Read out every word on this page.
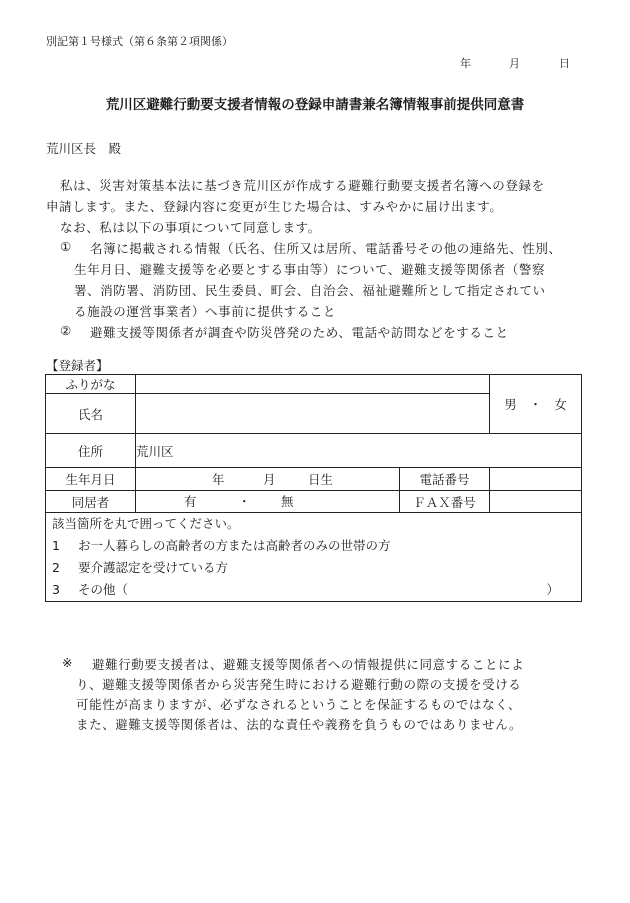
別記第１号様式（第６条第２項関係）
年	月	日
荒川区避難行動要支援者情報の登録申請書兼名簿情報事前提供同意書
荒川区長　殿
私は、災害対策基本法に基づき荒川区が作成する避難行動要支援者名簿への登録を
申請します。また、登録内容に変更が生じた場合は、すみやかに届け出ます。
なお、私は以下の事項について同意します。
① 名簿に掲載される情報（氏名、住所又は居所、電話番号その他の連絡先、性別、
生年月日、避難支援等を必要とする事由等）について、避難支援等関係者（警察
署、消防署、消防団、民生委員、町会、自治会、福祉避難所として指定されてい
る施設の運営事業者）へ事前に提供すること
② 避難支援等関係者が調査や防災啓発のため、電話や訪問などをすること
【登録者】
ふりがな			男　・　女
氏名			
住所	荒川区		
生年月日	年 月 日生	電話番号	
同居者	有 ・ 無	ＦＡＸ番号	

該当箇所を丸で囲ってください。
1 お一人暮らしの高齢者の方または高齢者のみの世帯の方
2 要介護認定を受けている方
3 その他（ ）			
※ 避難行動要支援者は、避難支援等関係者への情報提供に同意することによ
り、避難支援等関係者から災害発生時における避難行動の際の支援を受ける
可能性が高まりますが、必ずなされるということを保証するものではなく、
また、避難支援等関係者は、法的な責任や義務を負うものではありません。
